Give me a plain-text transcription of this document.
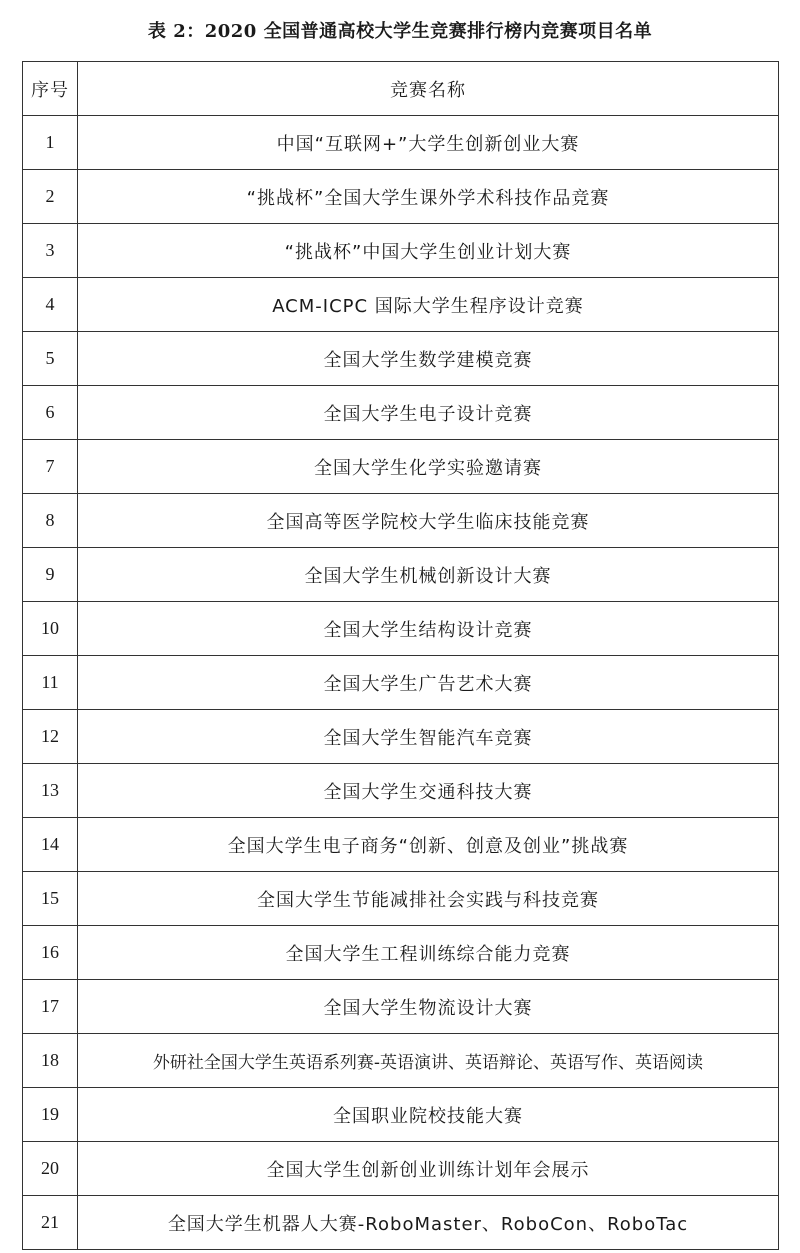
表 2：2020 全国普通高校大学生竞赛排行榜内竞赛项目名单
序号	竞赛名称
1	中国“互联网+”大学生创新创业大赛
2	“挑战杯”全国大学生课外学术科技作品竞赛
3	“挑战杯”中国大学生创业计划大赛
4	ACM-ICPC 国际大学生程序设计竞赛
5	全国大学生数学建模竞赛
6	全国大学生电子设计竞赛
7	全国大学生化学实验邀请赛
8	全国高等医学院校大学生临床技能竞赛
9	全国大学生机械创新设计大赛
10	全国大学生结构设计竞赛
11	全国大学生广告艺术大赛
12	全国大学生智能汽车竞赛
13	全国大学生交通科技大赛
14	全国大学生电子商务“创新、创意及创业”挑战赛
15	全国大学生节能减排社会实践与科技竞赛
16	全国大学生工程训练综合能力竞赛
17	全国大学生物流设计大赛
18	外研社全国大学生英语系列赛-英语演讲、英语辩论、英语写作、英语阅读
19	全国职业院校技能大赛
20	全国大学生创新创业训练计划年会展示
21	全国大学生机器人大赛-RoboMaster、RoboCon、RoboTac
